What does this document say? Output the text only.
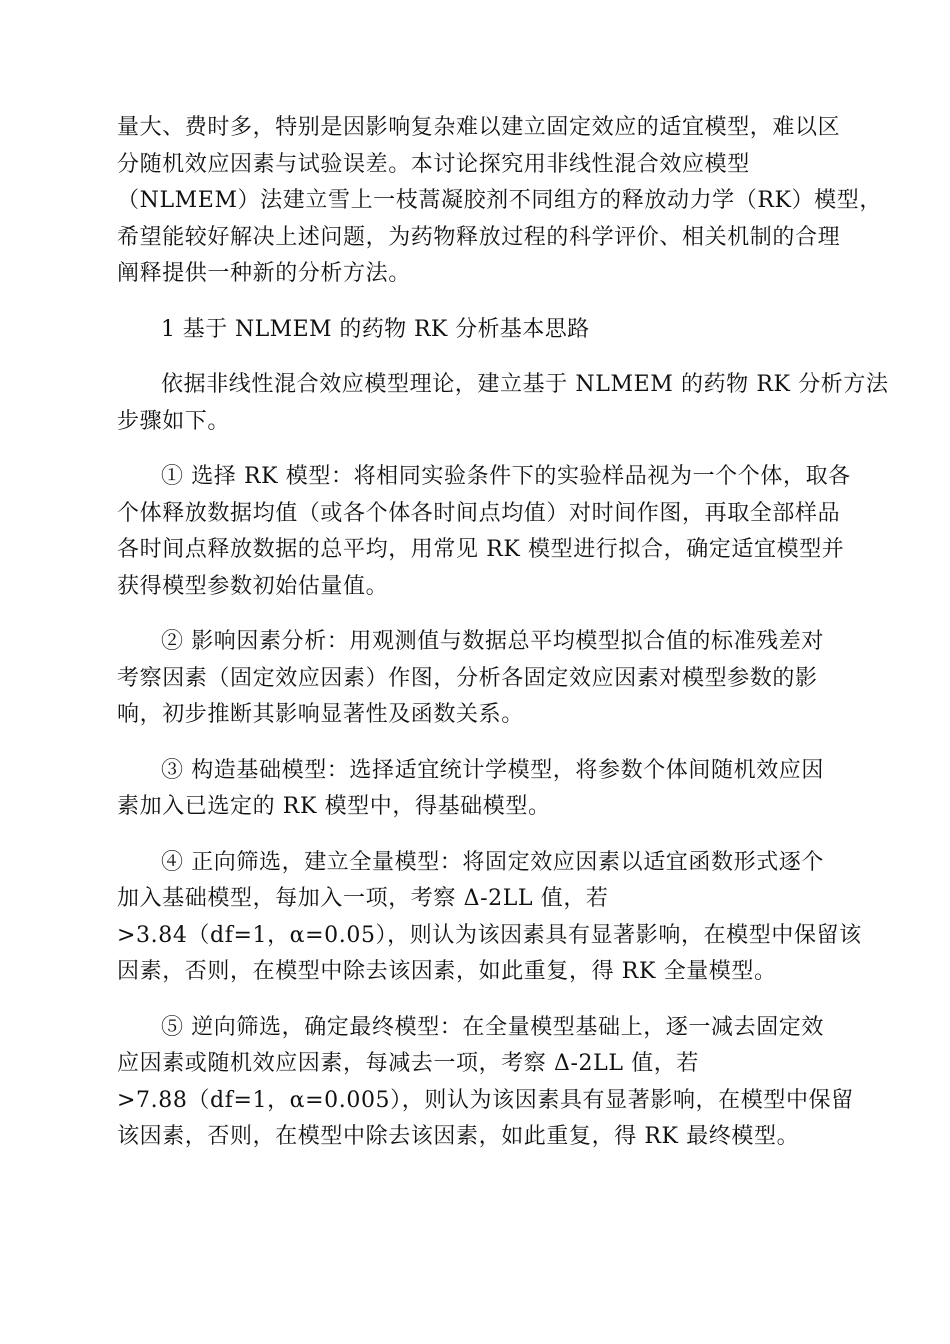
量大、费时多，特别是因影响复杂难以建立固定效应的适宜模型，难以区
分随机效应因素与试验误差。本讨论探究用非线性混合效应模型
（NLMEM）法建立雪上一枝蒿凝胶剂不同组方的释放动力学（RK）模型，
希望能较好解决上述问题，为药物释放过程的科学评价、相关机制的合理
阐释提供一种新的分析方法。

1 基于 NLMEM 的药物 RK 分析基本思路

依据非线性混合效应模型理论，建立基于 NLMEM 的药物 RK 分析方法
步骤如下。

① 选择 RK 模型：将相同实验条件下的实验样品视为一个个体，取各
个体释放数据均值（或各个体各时间点均值）对时间作图，再取全部样品
各时间点释放数据的总平均，用常见 RK 模型进行拟合，确定适宜模型并
获得模型参数初始估量值。

② 影响因素分析：用观测值与数据总平均模型拟合值的标准残差对
考察因素（固定效应因素）作图，分析各固定效应因素对模型参数的影
响，初步推断其影响显著性及函数关系。

③ 构造基础模型：选择适宜统计学模型，将参数个体间随机效应因
素加入已选定的 RK 模型中，得基础模型。

④ 正向筛选，建立全量模型：将固定效应因素以适宜函数形式逐个
加入基础模型，每加入一项，考察 Δ-2LL 值，若
>3.84（df=1，α=0.05），则认为该因素具有显著影响，在模型中保留该
因素，否则，在模型中除去该因素，如此重复，得 RK 全量模型。

⑤ 逆向筛选，确定最终模型：在全量模型基础上，逐一减去固定效
应因素或随机效应因素，每减去一项，考察 Δ-2LL 值，若
>7.88（df=1，α=0.005），则认为该因素具有显著影响，在模型中保留
该因素，否则，在模型中除去该因素，如此重复，得 RK 最终模型。
